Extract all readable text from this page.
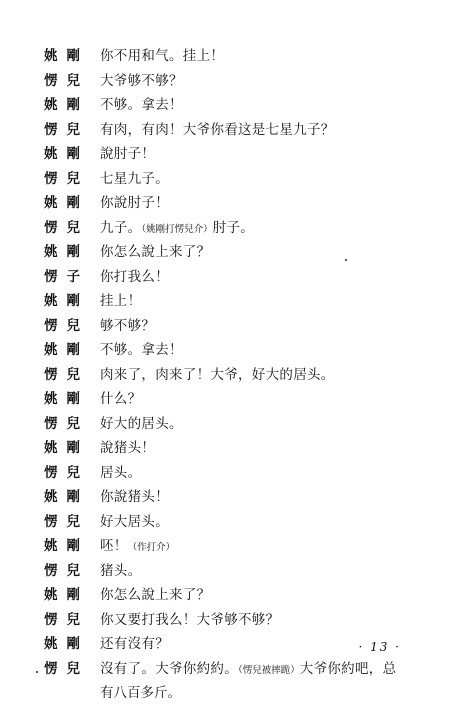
姚剛 你不用和气。挂上！
愣兒 大爷够不够？
姚剛 不够。拿去！
愣兒 有肉，有肉！大爷你看这是七星九子？
姚剛 說肘子！
愣兒 七星九子。
姚剛 你說肘子！
愣兒 九子。（姚剛打愣兒介）肘子。
姚剛 你怎么說上来了？
愣子 你打我么！
姚剛 挂上！
愣兒 够不够？
姚剛 不够。拿去！
愣兒 肉来了，肉来了！大爷，好大的居头。
姚剛 什么？
愣兒 好大的居头。
姚剛 說猪头！
愣兒 居头。
姚剛 你說猪头！
愣兒 好大居头。
姚剛 呸！（作打介）
愣兒 猪头。
姚剛 你怎么說上来了？
愣兒 你又要打我么！大爷够不够？
姚剛 还有沒有？
愣兒 沒有了。大爷你約約。（愣兒被摔跪）大爷你約吧，总
有八百多斤。
· 13 ·
